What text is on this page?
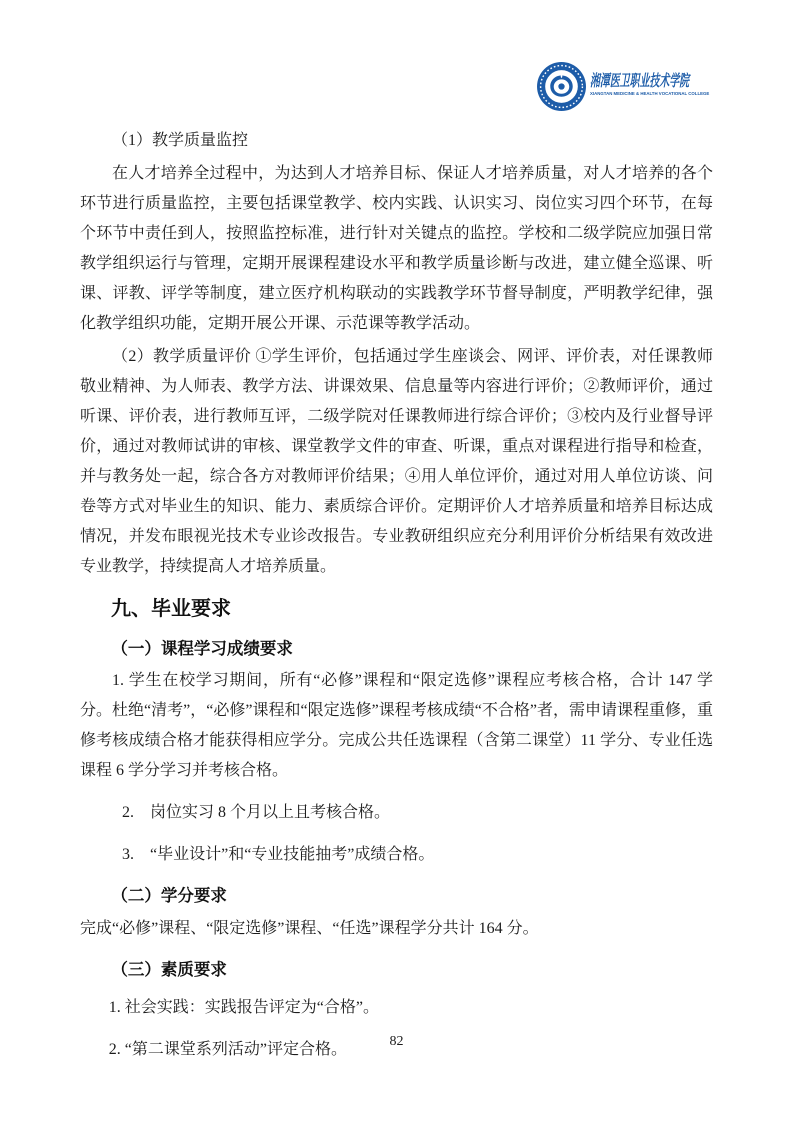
湘潭医卫职业技术学院
XIANGTAN MEDICINE & HEALTH VOCATIONAL COLLEGE

（1）教学质量监控

在人才培养全过程中，为达到人才培养目标、保证人才培养质量，对人才培养的各个环节进行质量监控，主要包括课堂教学、校内实践、认识实习、岗位实习四个环节，在每个环节中责任到人，按照监控标准，进行针对关键点的监控。学校和二级学院应加强日常教学组织运行与管理，定期开展课程建设水平和教学质量诊断与改进，建立健全巡课、听课、评教、评学等制度，建立医疗机构联动的实践教学环节督导制度，严明教学纪律，强化教学组织功能，定期开展公开课、示范课等教学活动。

（2）教学质量评价 ①学生评价，包括通过学生座谈会、网评、评价表，对任课教师敬业精神、为人师表、教学方法、讲课效果、信息量等内容进行评价；②教师评价，通过听课、评价表，进行教师互评，二级学院对任课教师进行综合评价；③校内及行业督导评价，通过对教师试讲的审核、课堂教学文件的审查、听课，重点对课程进行指导和检查，并与教务处一起，综合各方对教师评价结果；④用人单位评价，通过对用人单位访谈、问卷等方式对毕业生的知识、能力、素质综合评价。定期评价人才培养质量和培养目标达成情况，并发布眼视光技术专业诊改报告。专业教研组织应充分利用评价分析结果有效改进专业教学，持续提高人才培养质量。

九、毕业要求
（一）课程学习成绩要求

1. 学生在校学习期间，所有“必修”课程和“限定选修”课程应考核合格，合计 147 学分。杜绝“清考”，“必修”课程和“限定选修”课程考核成绩“不合格”者，需申请课程重修，重修考核成绩合格才能获得相应学分。完成公共任选课程（含第二课堂）11 学分、专业任选课程 6 学分学习并考核合格。

2.　岗位实习 8 个月以上且考核合格。

3.　“毕业设计”和“专业技能抽考”成绩合格。

（二）学分要求

完成“必修”课程、“限定选修”课程、“任选”课程学分共计 164 分。

（三）素质要求

1. 社会实践：实践报告评定为“合格”。

2. “第二课堂系列活动”评定合格。	82
